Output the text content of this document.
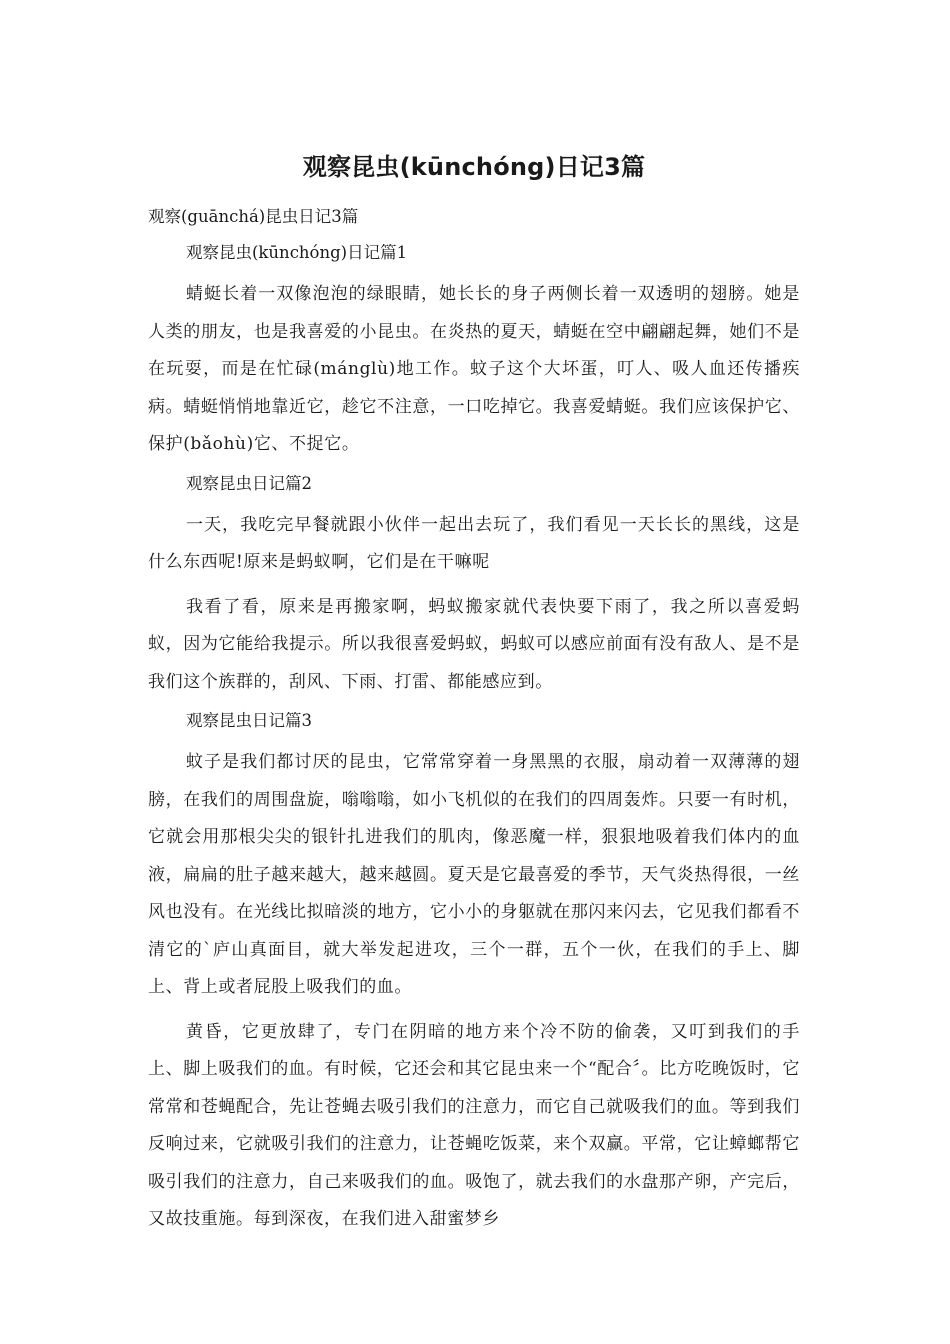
观察昆虫(kūnchóng)日记3篇
观察(guānchá)昆虫日记3篇
观察昆虫(kūnchóng)日记篇1

蜻蜓长着一双像泡泡的绿眼睛，她长长的身子两侧长着一双透明的翅膀。她是人类的朋友，也是我喜爱的小昆虫。在炎热的夏天，蜻蜓在空中翩翩起舞，她们不是在玩耍，而是在忙碌(mánglù)地工作。蚊子这个大坏蛋，叮人、吸人血还传播疾病。蜻蜓悄悄地靠近它，趁它不注意，一口吃掉它。我喜爱蜻蜓。我们应该保护它、保护(bǎohù)它、不捉它。

观察昆虫日记篇2

一天，我吃完早餐就跟小伙伴一起出去玩了，我们看见一天长长的黑线，这是什么东西呢!原来是蚂蚁啊，它们是在干嘛呢

我看了看，原来是再搬家啊，蚂蚁搬家就代表快要下雨了，我之所以喜爱蚂蚁，因为它能给我提示。所以我很喜爱蚂蚁，蚂蚁可以感应前面有没有敌人、是不是我们这个族群的，刮风、下雨、打雷、都能感应到。

观察昆虫日记篇3

蚊子是我们都讨厌的昆虫，它常常穿着一身黑黑的衣服，扇动着一双薄薄的翅膀，在我们的周围盘旋，嗡嗡嗡，如小飞机似的在我们的四周轰炸。只要一有时机，它就会用那根尖尖的银针扎进我们的肌肉，像恶魔一样，狠狠地吸着我们体内的血液，扁扁的肚子越来越大，越来越圆。夏天是它最喜爱的季节，天气炎热得很，一丝风也没有。在光线比拟暗淡的地方，它小小的身躯就在那闪来闪去，它见我们都看不清它的`庐山真面目，就大举发起进攻，三个一群，五个一伙，在我们的手上、脚上、背上或者屁股上吸我们的血。

黄昏，它更放肆了，专门在阴暗的地方来个冷不防的偷袭，又叮到我们的手上、脚上吸我们的血。有时候，它还会和其它昆虫来一个“配合〞。比方吃晚饭时，它常常和苍蝇配合，先让苍蝇去吸引我们的注意力，而它自己就吸我们的血。等到我们反响过来，它就吸引我们的注意力，让苍蝇吃饭菜，来个双赢。平常，它让蟑螂帮它吸引我们的注意力，自己来吸我们的血。吸饱了，就去我们的水盘那产卵，产完后，又故技重施。每到深夜，在我们进入甜蜜梦乡
